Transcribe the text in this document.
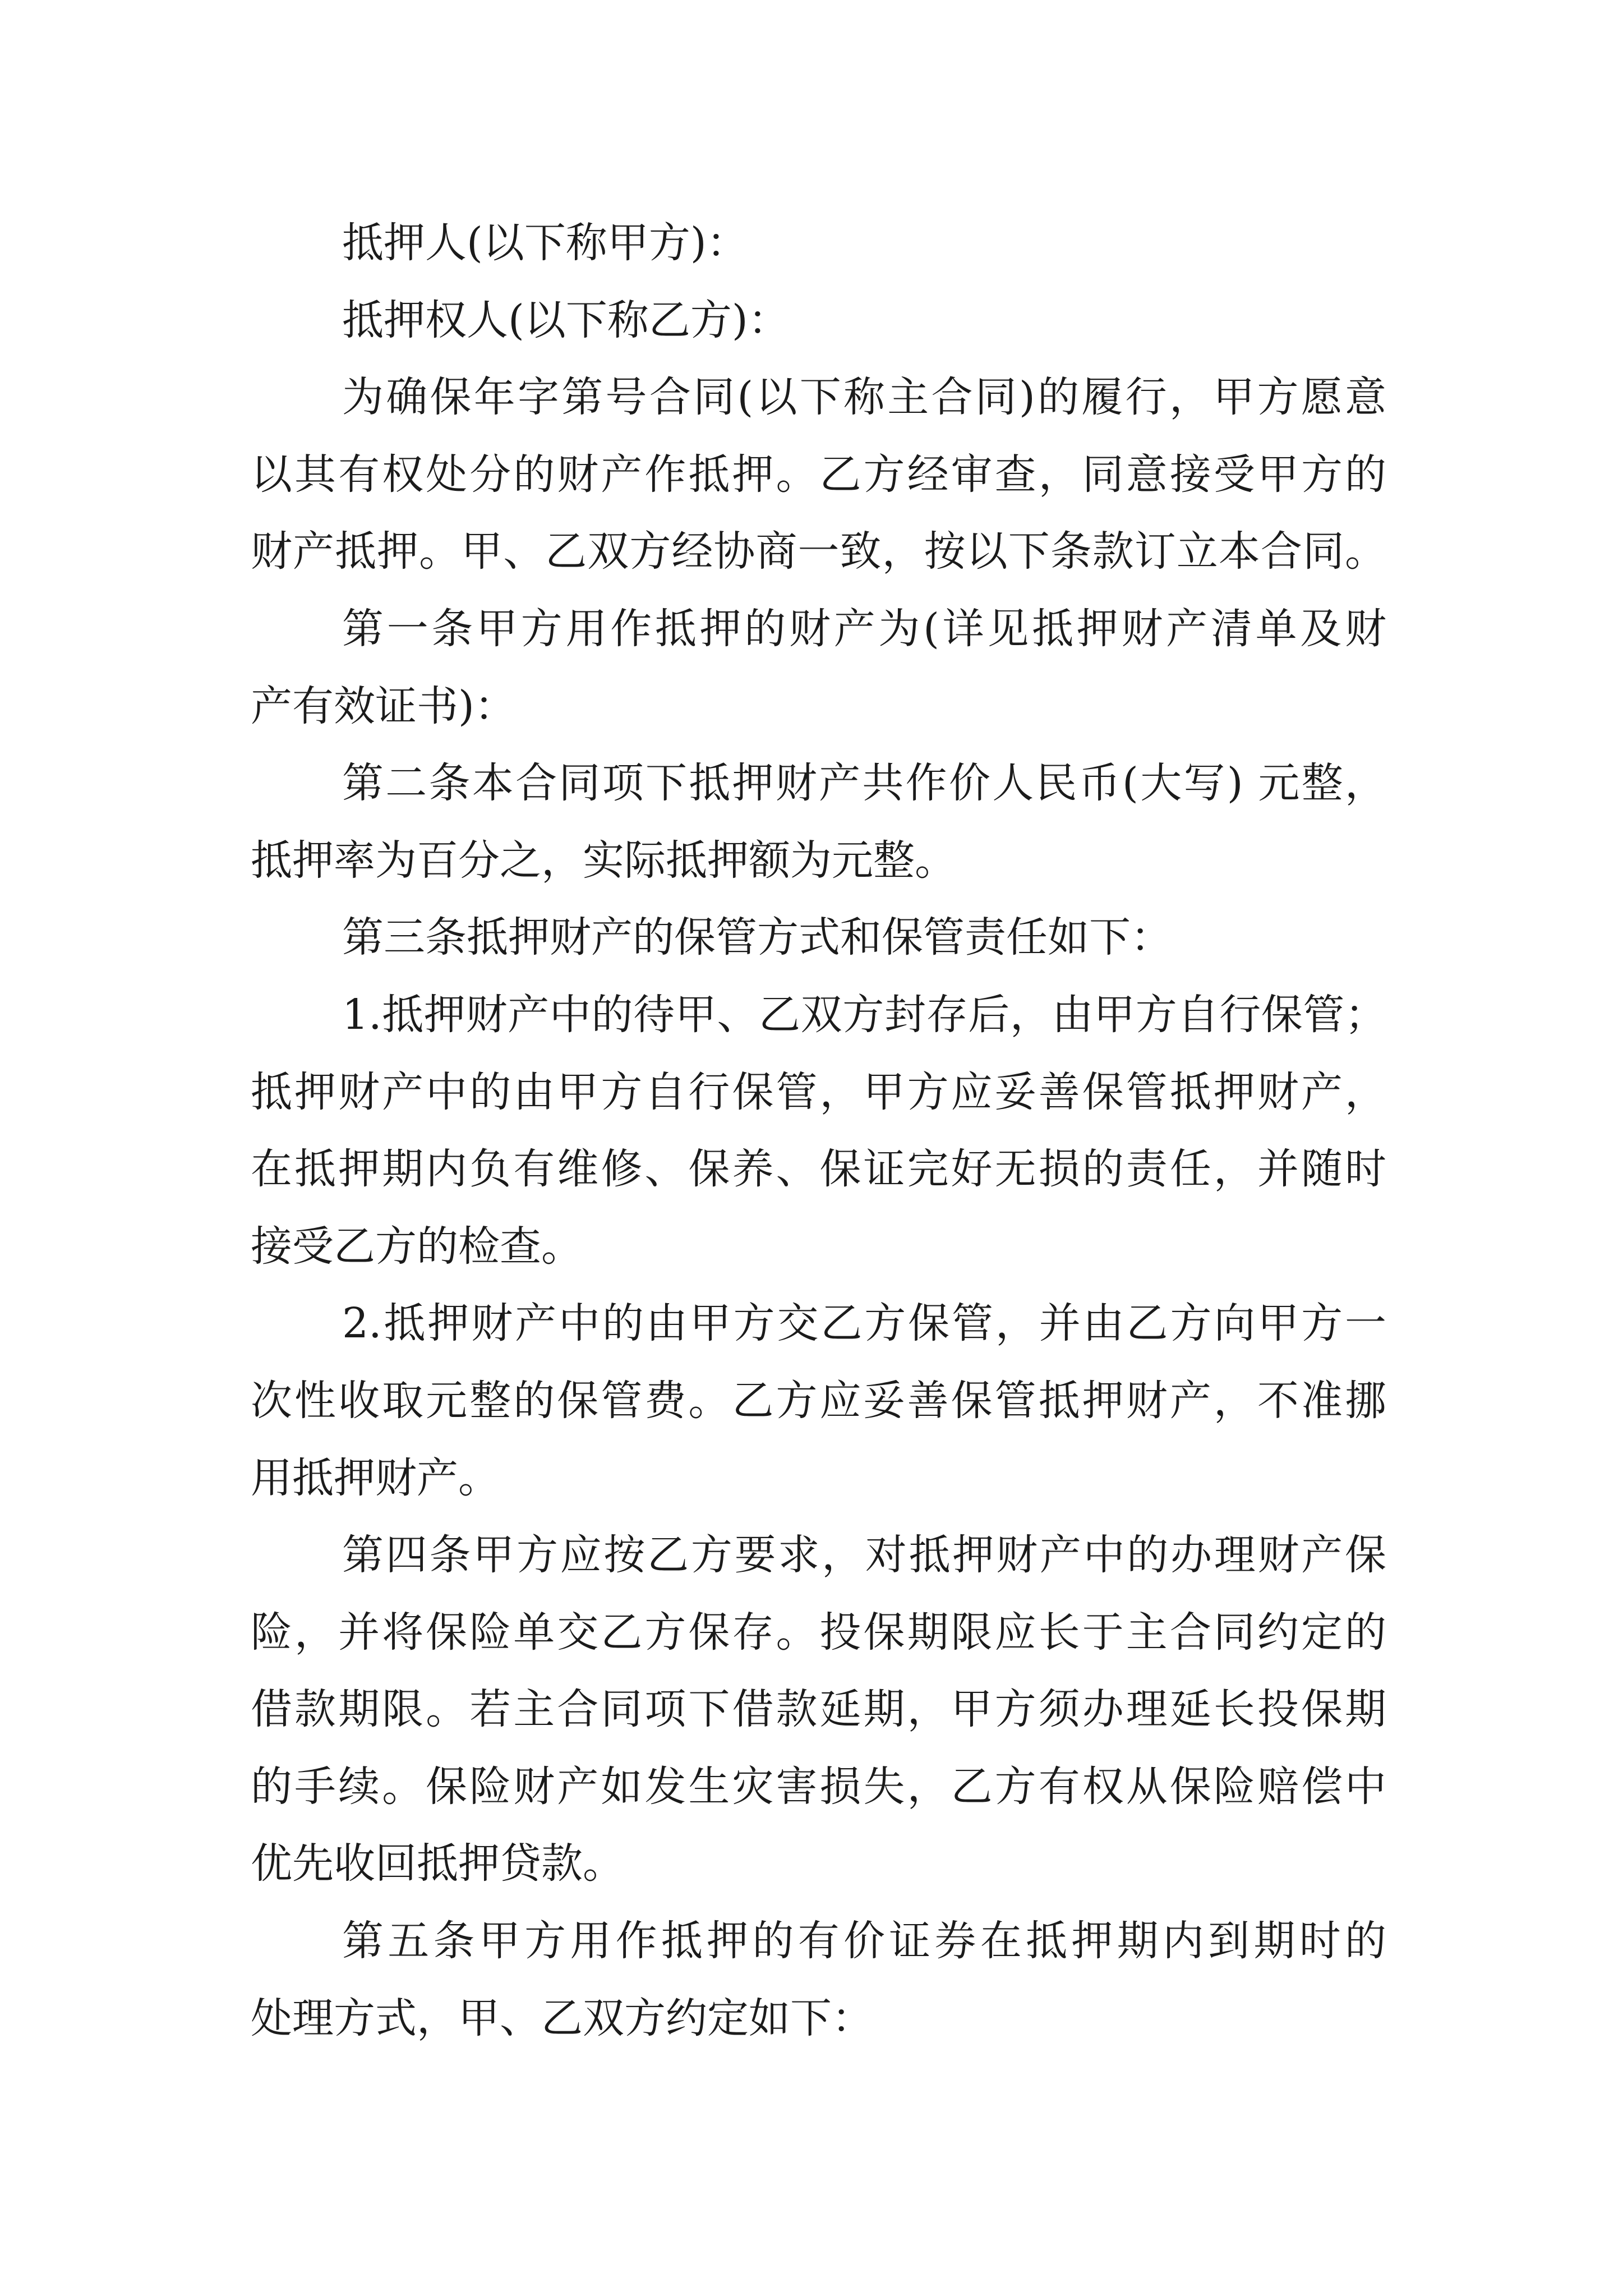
抵押人(以下称甲方)：
抵押权人(以下称乙方)：
为确保年字第号合同(以下称主合同)的履行，甲方愿意
以其有权处分的财产作抵押。乙方经审查，同意接受甲方的
财产抵押。甲、乙双方经协商一致，按以下条款订立本合同。
第一条甲方用作抵押的财产为(详见抵押财产清单及财
产有效证书)：
第二条本合同项下抵押财产共作价人民币(大写) 元整，
抵押率为百分之，实际抵押额为元整。
第三条抵押财产的保管方式和保管责任如下：
1.抵押财产中的待甲、乙双方封存后，由甲方自行保管；
抵押财产中的由甲方自行保管，甲方应妥善保管抵押财产，
在抵押期内负有维修、保养、保证完好无损的责任，并随时
接受乙方的检查。
2.抵押财产中的由甲方交乙方保管，并由乙方向甲方一
次性收取元整的保管费。乙方应妥善保管抵押财产，不准挪
用抵押财产。
第四条甲方应按乙方要求，对抵押财产中的办理财产保
险，并将保险单交乙方保存。投保期限应长于主合同约定的
借款期限。若主合同项下借款延期，甲方须办理延长投保期
的手续。保险财产如发生灾害损失，乙方有权从保险赔偿中
优先收回抵押贷款。
第五条甲方用作抵押的有价证券在抵押期内到期时的
处理方式，甲、乙双方约定如下：
